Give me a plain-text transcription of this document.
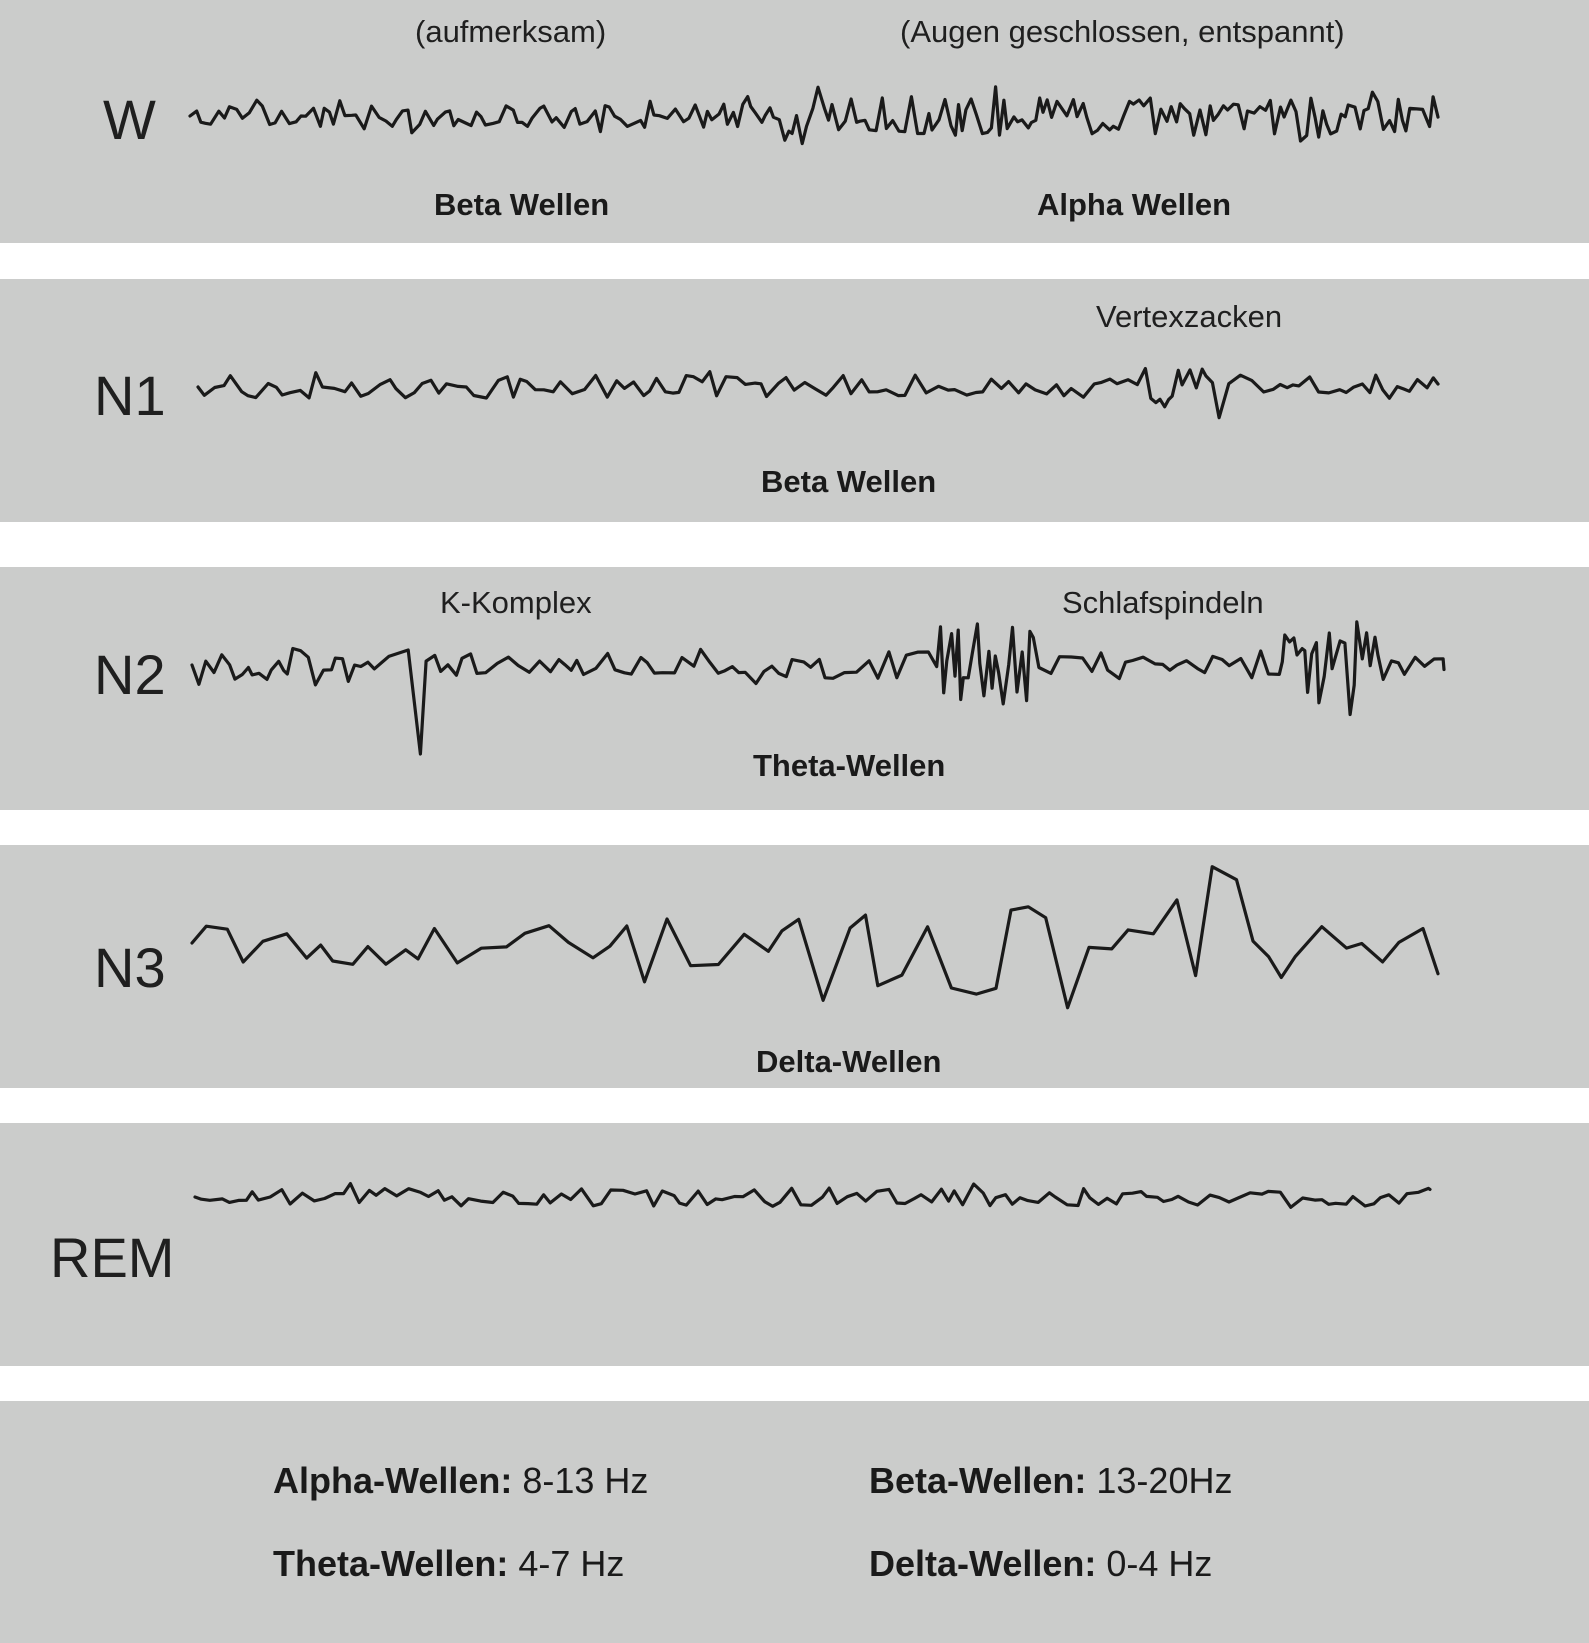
W
(aufmerksam)	(Augen geschlossen, entspannt)
Beta Wellen	Alpha Wellen
N1
Vertexzacken
Beta Wellen
N2
K-Komplex	Schlafspindeln
Theta-Wellen
N3
Delta-Wellen
REM
Alpha-Wellen: 8-13 Hz	Beta-Wellen: 13-20Hz
Theta-Wellen: 4-7 Hz	Delta-Wellen: 0-4 Hz
